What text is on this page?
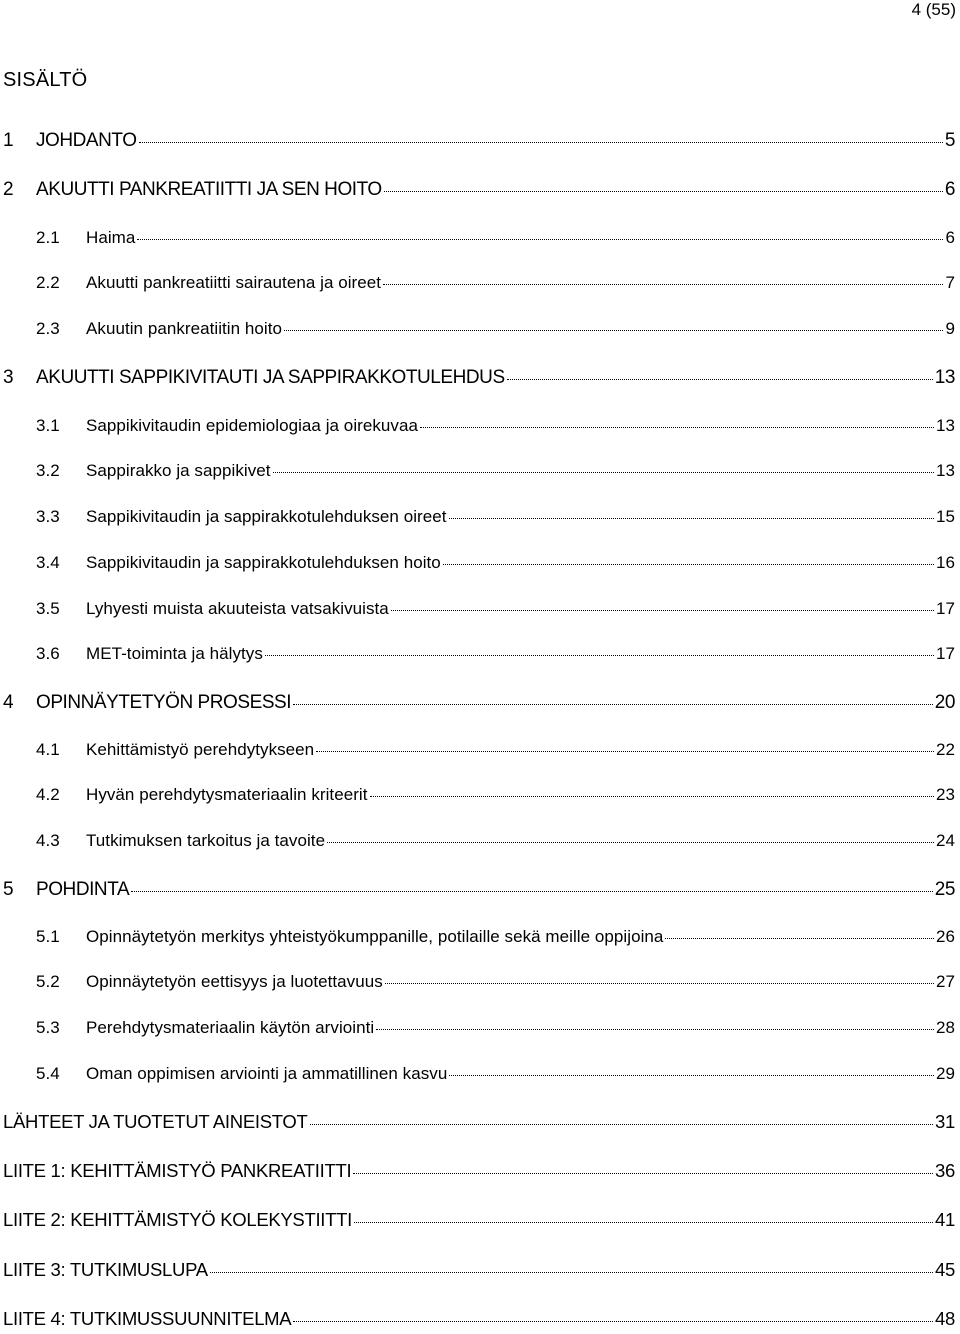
4 (55)
SISÄLTÖ
1	JOHDANTO	5
2	AKUUTTI PANKREATIITTI JA SEN HOITO	6
2.1	Haima	6
2.2	Akuutti pankreatiitti sairautena ja oireet	7
2.3	Akuutin pankreatiitin hoito	9
3	AKUUTTI SAPPIKIVITAUTI JA SAPPIRAKKOTULEHDUS	13
3.1	Sappikivitaudin epidemiologiaa ja oirekuvaa	13
3.2	Sappirakko ja sappikivet	13
3.3	Sappikivitaudin ja sappirakkotulehduksen oireet	15
3.4	Sappikivitaudin ja sappirakkotulehduksen hoito	16
3.5	Lyhyesti muista akuuteista vatsakivuista	17
3.6	MET-toiminta ja hälytys	17
4	OPINNÄYTETYÖN PROSESSI	20
4.1	Kehittämistyö perehdytykseen	22
4.2	Hyvän perehdytysmateriaalin kriteerit	23
4.3	Tutkimuksen tarkoitus ja tavoite	24
5	POHDINTA	25
5.1	Opinnäytetyön merkitys yhteistyökumppanille, potilaille sekä meille oppijoina	26
5.2	Opinnäytetyön eettisyys ja luotettavuus	27
5.3	Perehdytysmateriaalin käytön arviointi	28
5.4	Oman oppimisen arviointi ja ammatillinen kasvu	29
LÄHTEET JA TUOTETUT AINEISTOT	31
LIITE 1: KEHITTÄMISTYÖ PANKREATIITTI	36
LIITE 2: KEHITTÄMISTYÖ KOLEKYSTIITTI	41
LIITE 3: TUTKIMUSLUPA	45
LIITE 4: TUTKIMUSSUUNNITELMA	48
